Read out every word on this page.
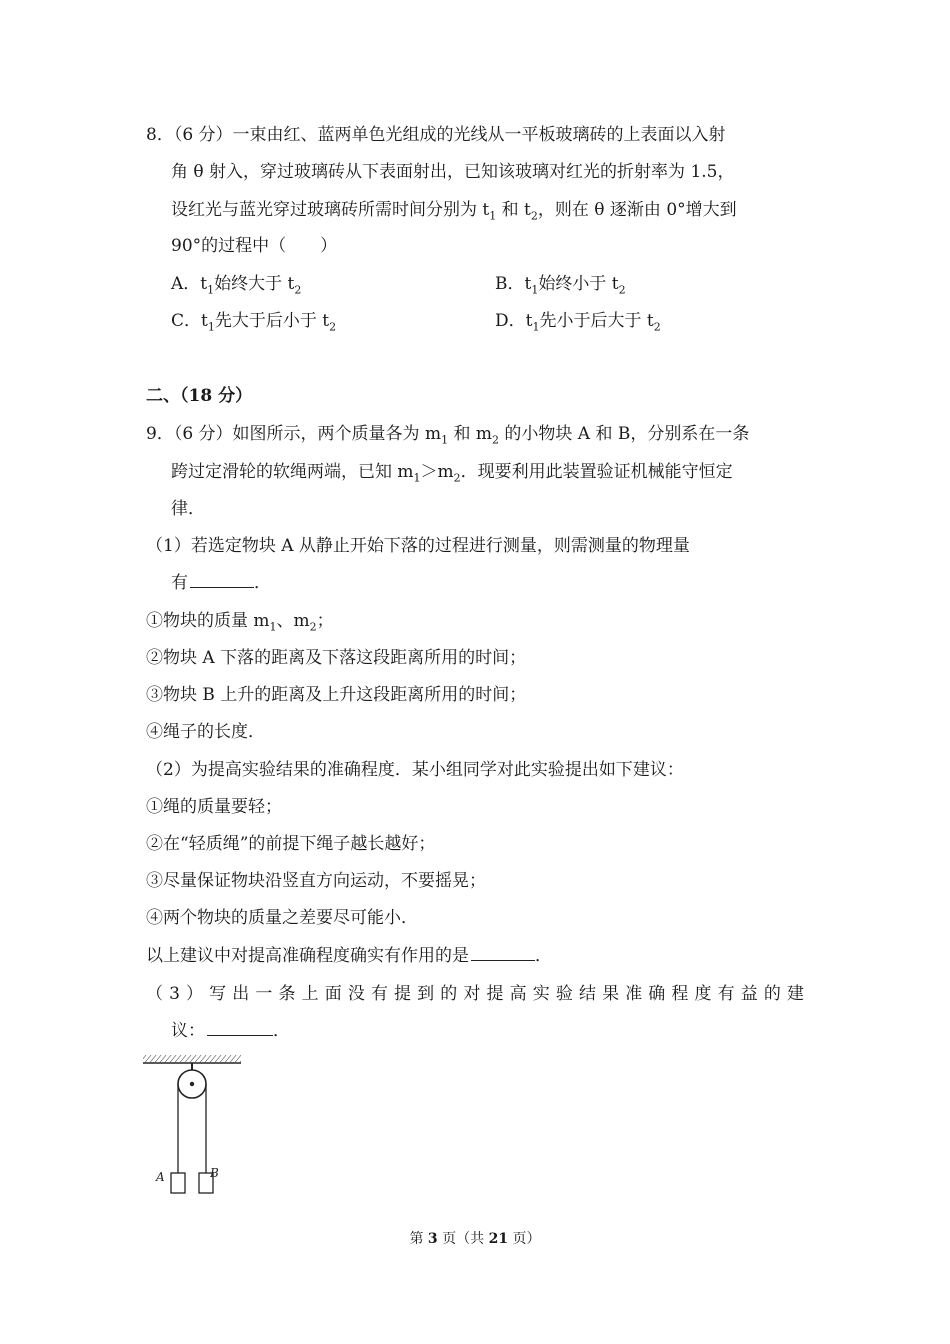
8．（6 分）一束由红、蓝两单色光组成的光线从一平板玻璃砖的上表面以入射
角 θ 射入，穿过玻璃砖从下表面射出，已知该玻璃对红光的折射率为 1.5，
设红光与蓝光穿过玻璃砖所需时间分别为 $t_1$ 和 $t_2$，则在 θ 逐渐由 0°增大到
90°的过程中（　　）
A．$t_1$始终大于 $t_2$	B．$t_1$始终小于 $t_2$
C．$t_1$先大于后小于 $t_2$	D．$t_1$先小于后大于 $t_2$
二、（18 分）
9．（6 分）如图所示，两个质量各为 $m_1$ 和 $m_2$ 的小物块 A 和 B，分别系在一条
跨过定滑轮的软绳两端，已知 $m_1>m_2$．现要利用此装置验证机械能守恒定
律．
（1）若选定物块 A 从静止开始下落的过程进行测量，则需测量的物理量
有	．
①物块的质量 $m_1$、$m_2$；
②物块 A 下落的距离及下落这段距离所用的时间；
③物块 B 上升的距离及上升这段距离所用的时间；
④绳子的长度．
（2）为提高实验结果的准确程度．某小组同学对此实验提出如下建议：
①绳的质量要轻；
②在“轻质绳”的前提下绳子越长越好；
③尽量保证物块沿竖直方向运动，不要摇晃；
④两个物块的质量之差要尽可能小．
以上建议中对提高准确程度确实有作用的是	．
（3）写出一条上面没有提到的对提高实验结果准确程度有益的建
议：	．
A	B
第 3 页（共 21 页）
